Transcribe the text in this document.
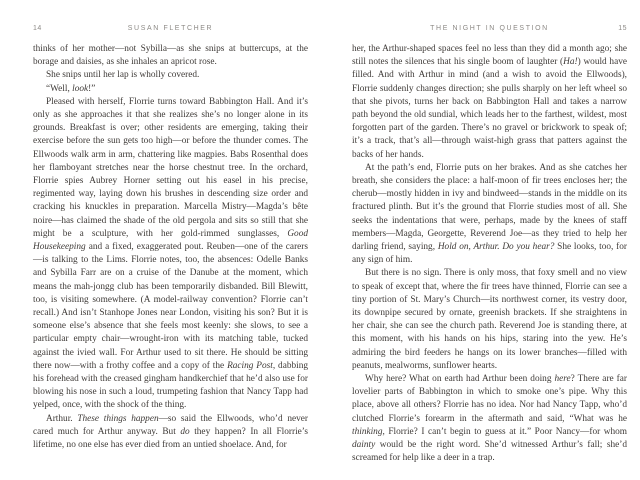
14	SUSAN FLETCHER

thinks of her mother—not Sybilla—as she snips at buttercups, at the borage and daisies, as she inhales an apricot rose.

She snips until her lap is wholly covered.

“Well, look!”

Pleased with herself, Florrie turns toward Babbington Hall. And it’s only as she approaches it that she realizes she’s no longer alone in its grounds. Breakfast is over; other residents are emerging, taking their exercise before the sun gets too high—or before the thunder comes. The Ellwoods walk arm in arm, chattering like magpies. Babs Rosenthal does her flamboyant stretches near the horse chestnut tree. In the orchard, Florrie spies Aubrey Horner setting out his easel in his precise, regimented way, laying down his brushes in descending size order and cracking his knuckles in preparation. Marcella Mistry—Magda’s bête noire—has claimed the shade of the old pergola and sits so still that she might be a sculpture, with her gold-rimmed sunglasses, Good Housekeeping and a fixed, exaggerated pout. Reuben—one of the carers—is talking to the Lims. Florrie notes, too, the absences: Odelle Banks and Sybilla Farr are on a cruise of the Danube at the moment, which means the mah-jongg club has been temporarily disbanded. Bill Blewitt, too, is visiting somewhere. (A model-railway convention? Florrie can’t recall.) And isn’t Stanhope Jones near London, visiting his son? But it is someone else’s absence that she feels most keenly: she slows, to see a particular empty chair—wrought-iron with its matching table, tucked against the ivied wall. For Arthur used to sit there. He should be sitting there now—with a frothy coffee and a copy of the Racing Post, dabbing his forehead with the creased gingham handkerchief that he’d also use for blowing his nose in such a loud, trumpeting fashion that Nancy Tapp had yelped, once, with the shock of the thing.

Arthur. These things happen—so said the Ellwoods, who’d never cared much for Arthur anyway. But do they happen? In all Florrie’s lifetime, no one else has ever died from an untied shoelace. And, for

THE NIGHT IN QUESTION	15

her, the Arthur-shaped spaces feel no less than they did a month ago; she still notes the silences that his single boom of laughter (Ha!) would have filled. And with Arthur in mind (and a wish to avoid the Ellwoods), Florrie suddenly changes direction; she pulls sharply on her left wheel so that she pivots, turns her back on Babbington Hall and takes a narrow path beyond the old sundial, which leads her to the farthest, wildest, most forgotten part of the garden. There’s no gravel or brickwork to speak of; it’s a track, that’s all—through waist-high grass that patters against the backs of her hands.

At the path’s end, Florrie puts on her brakes. And as she catches her breath, she considers the place: a half-moon of fir trees encloses her; the cherub—mostly hidden in ivy and bindweed—stands in the middle on its fractured plinth. But it’s the ground that Florrie studies most of all. She seeks the indentations that were, perhaps, made by the knees of staff members—Magda, Georgette, Reverend Joe—as they tried to help her darling friend, saying, Hold on, Arthur. Do you hear? She looks, too, for any sign of him.

But there is no sign. There is only moss, that foxy smell and no view to speak of except that, where the fir trees have thinned, Florrie can see a tiny portion of St. Mary’s Church—its northwest corner, its vestry door, its downpipe secured by ornate, greenish brackets. If she straightens in her chair, she can see the church path. Reverend Joe is standing there, at this moment, with his hands on his hips, staring into the yew. He’s admiring the bird feeders he hangs on its lower branches—filled with peanuts, mealworms, sunflower hearts.

Why here? What on earth had Arthur been doing here? There are far lovelier parts of Babbington in which to smoke one’s pipe. Why this place, above all others? Florrie has no idea. Nor had Nancy Tapp, who’d clutched Florrie’s forearm in the aftermath and said, “What was he thinking, Florrie? I can’t begin to guess at it.” Poor Nancy—for whom dainty would be the right word. She’d witnessed Arthur’s fall; she’d screamed for help like a deer in a trap.
